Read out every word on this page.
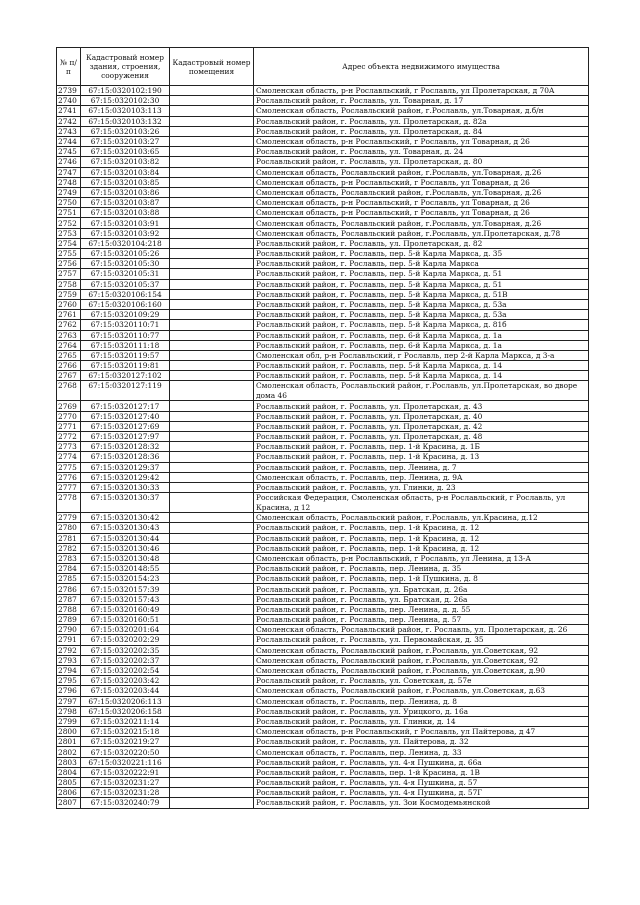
№ п/п	Кадастровый номер здания, строения, сооружения	Кадастровый номер помещения	Адрес объекта недвижимого имущества
2739	67:15:0320102:190		Смоленская область, р-н Рославльский, г Рославль, ул Пролетарская, д 70А
2740	67:15:0320102:30		Рославльский район, г. Рославль, ул. Товарная, д. 17
2741	67:15:0320103:113		Смоленская область, Рославльский район, г.Рославль, ул.Товарная, д.б/н
2742	67:15:0320103:132		Рославльский район, г. Рославль, ул. Пролетарская, д. 82а
2743	67:15:0320103:26		Рославльский район, г. Рославль, ул. Пролетарская, д. 84
2744	67:15:0320103:27		Смоленская область, р-н Рославльский, г Рославль, ул Товарная, д 26
2745	67:15:0320103:65		Рославльский район, г. Рославль, ул. Товарная, д. 24
2746	67:15:0320103:82		Рославльский район, г. Рославль, ул. Пролетарская, д. 80
2747	67:15:0320103:84		Смоленская область, Рославльский район, г.Рославль, ул.Товарная, д.26
2748	67:15:0320103:85		Смоленская область, р-н Рославльский, г Рославль, ул Товарная, д 26
2749	67:15:0320103:86		Смоленская область, Рославльский район, г.Рославль, ул.Товарная, д.26
2750	67:15:0320103:87		Смоленская область, р-н Рославльский, г Рославль, ул Товарная, д 26
2751	67:15:0320103:88		Смоленская область, р-н Рославльский, г Рославль, ул Товарная, д 26
2752	67:15:0320103:91		Смоленская область, Рославльский район, г.Рославль, ул.Товарная, д.26
2753	67:15:0320103:92		Смоленская область, Рославльский район, г.Рославль, ул.Пролетарская, д.78
2754	67:15:0320104:218		Рославльский район, г. Рославль, ул. Пролетарская, д. 82
2755	67:15:0320105:26		Рославльский район, г. Рославль, пер. 5-й Карла Маркса, д. 35
2756	67:15:0320105:30		Рославльский район, г. Рославль, пер. 5-й Карла Маркса
2757	67:15:0320105:31		Рославльский район, г. Рославль, пер. 5-й Карла Маркса, д. 51
2758	67:15:0320105:37		Рославльский район, г. Рославль, пер. 5-й Карла Маркса, д. 51
2759	67:15:0320106:154		Рославльский район, г. Рославль, пер. 5-й Карла Маркса, д. 51В
2760	67:15:0320106:160		Рославльский район, г. Рославль, пер. 5-й Карла Маркса, д. 53а
2761	67:15:0320109:29		Рославльский район, г. Рославль, пер. 5-й Карла Маркса, д. 53а
2762	67:15:0320110:71		Рославльский район, г. Рославль, пер. 5-й Карла Маркса, д. 81б
2763	67:15:0320110:77		Рославльский район, г. Рославль, пер. 6-й Карла Маркса, д. 1а
2764	67:15:0320111:18		Рославльский район, г. Рославль, пер. 6-й Карла Маркса, д. 1а
2765	67:15:0320119:57		Смоленская обл, р-н Рославльский, г Рославль, пер 2-й Карла Маркса, д 3-а
2766	67:15:0320119:81		Рославльский район, г. Рославль, пер. 5-й Карла Маркса, д. 14
2767	67:15:0320127:102		Рославльский район, г. Рославль, пер. 5-й Карла Маркса, д. 14
2768	67:15:0320127:119		Смоленская область, Рославльский район, г.Рославль, ул.Пролетарская, во дворе дома 46
2769	67:15:0320127:17		Рославльский район, г. Рославль, ул. Пролетарская, д. 43
2770	67:15:0320127:40		Рославльский район, г. Рославль, ул. Пролетарская, д. 40
2771	67:15:0320127:69		Рославльский район, г. Рославль, ул. Пролетарская, д. 42
2772	67:15:0320127:97		Рославльский район, г. Рославль, ул. Пролетарская, д. 48
2773	67:15:0320128:32		Рославльский район, г. Рославль, пер. 1-й Красина, д. 1Б
2774	67:15:0320128:36		Рославльский район, г. Рославль, пер. 1-й Красина, д. 13
2775	67:15:0320129:37		Рославльский район, г. Рославль, пер. Ленина, д. 7
2776	67:15:0320129:42		Смоленская область, г. Рославль, пер. Ленина, д. 9А
2777	67:15:0320130:33		Рославльский район, г. Рославль, ул. Глинки, д. 23
2778	67:15:0320130:37		Российская Федерация, Смоленская область, р-н Рославльский, г Рославль, ул Красина, д 12
2779	67:15:0320130:42		Смоленская область, Рославльский район, г.Рославль, ул.Красина, д.12
2780	67:15:0320130:43		Рославльский район, г. Рославль, пер. 1-й Красина, д. 12
2781	67:15:0320130:44		Рославльский район, г. Рославль, пер. 1-й Красина, д. 12
2782	67:15:0320130:46		Рославльский район, г. Рославль, пер. 1-й Красина, д. 12
2783	67:15:0320130:48		Смоленская область, р-н Рославльский, г Рославль, ул Ленина, д 13-А
2784	67:15:0320148:55		Рославльский район, г. Рославль, пер. Ленина, д. 35
2785	67:15:0320154:23		Рославльский район, г. Рославль, пер. 1-й Пушкина, д. 8
2786	67:15:0320157:39		Рославльский район, г. Рославль, ул. Братская, д. 26а
2787	67:15:0320157:43		Рославльский район, г. Рославль, ул. Братская, д. 26а
2788	67:15:0320160:49		Рославльский район, г. Рославль, пер. Ленина, д. д. 55
2789	67:15:0320160:51		Рославльский район, г. Рославль, пер. Ленина, д. 57
2790	67:15:0320201:64		Смоленская область, Рославльский район, г. Рославль, ул. Пролетарская, д. 26
2791	67:15:0320202:29		Рославльский район, г. Рославль, ул. Первомайская, д. 35
2792	67:15:0320202:35		Смоленская область, Рославльский район, г.Рославль, ул.Советская, 92
2793	67:15:0320202:37		Смоленская область, Рославльский район, г.Рославль, ул.Советская, 92
2794	67:15:0320202:54		Смоленская область, Рославльский район, г.Рославль, ул.Советская, д.90
2795	67:15:0320203:42		Рославльский район, г. Рославль, ул. Советская, д. 57е
2796	67:15:0320203:44		Смоленская область, Рославльский район, г.Рославль, ул.Советская, д.63
2797	67:15:0320206:113		Смоленская область, г. Рославль, пер. Ленина, д. 8
2798	67:15:0320206:158		Рославльский район, г. Рославль, ул. Урицкого, д. 16а
2799	67:15:0320211:14		Рославльский район, г. Рославль, ул. Глинки, д. 14
2800	67:15:0320215:18		Смоленская область, р-н Рославльский, г Рославль, ул Пайтерова, д 47
2801	67:15:0320219:27		Рославльский район, г. Рославль, ул. Пайтерова, д. 32
2802	67:15:0320220:50		Смоленская область, г. Рославль, пер. Ленина, д. 33
2803	67:15:0320221:116		Рославльский район, г. Рославль, ул. 4-я Пушкина, д. 66а
2804	67:15:0320222:91		Рославльский район, г. Рославль, пер. 1-й Красина, д. 1В
2805	67:15:0320231:27		Рославльский район, г. Рославль, ул. 4-я Пушкина, д. 57
2806	67:15:0320231:28		Рославльский район, г. Рославль, ул. 4-я Пушкина, д. 57Г
2807	67:15:0320240:79		Рославльский район, г. Рославль, ул. Зои Космодемьянской
